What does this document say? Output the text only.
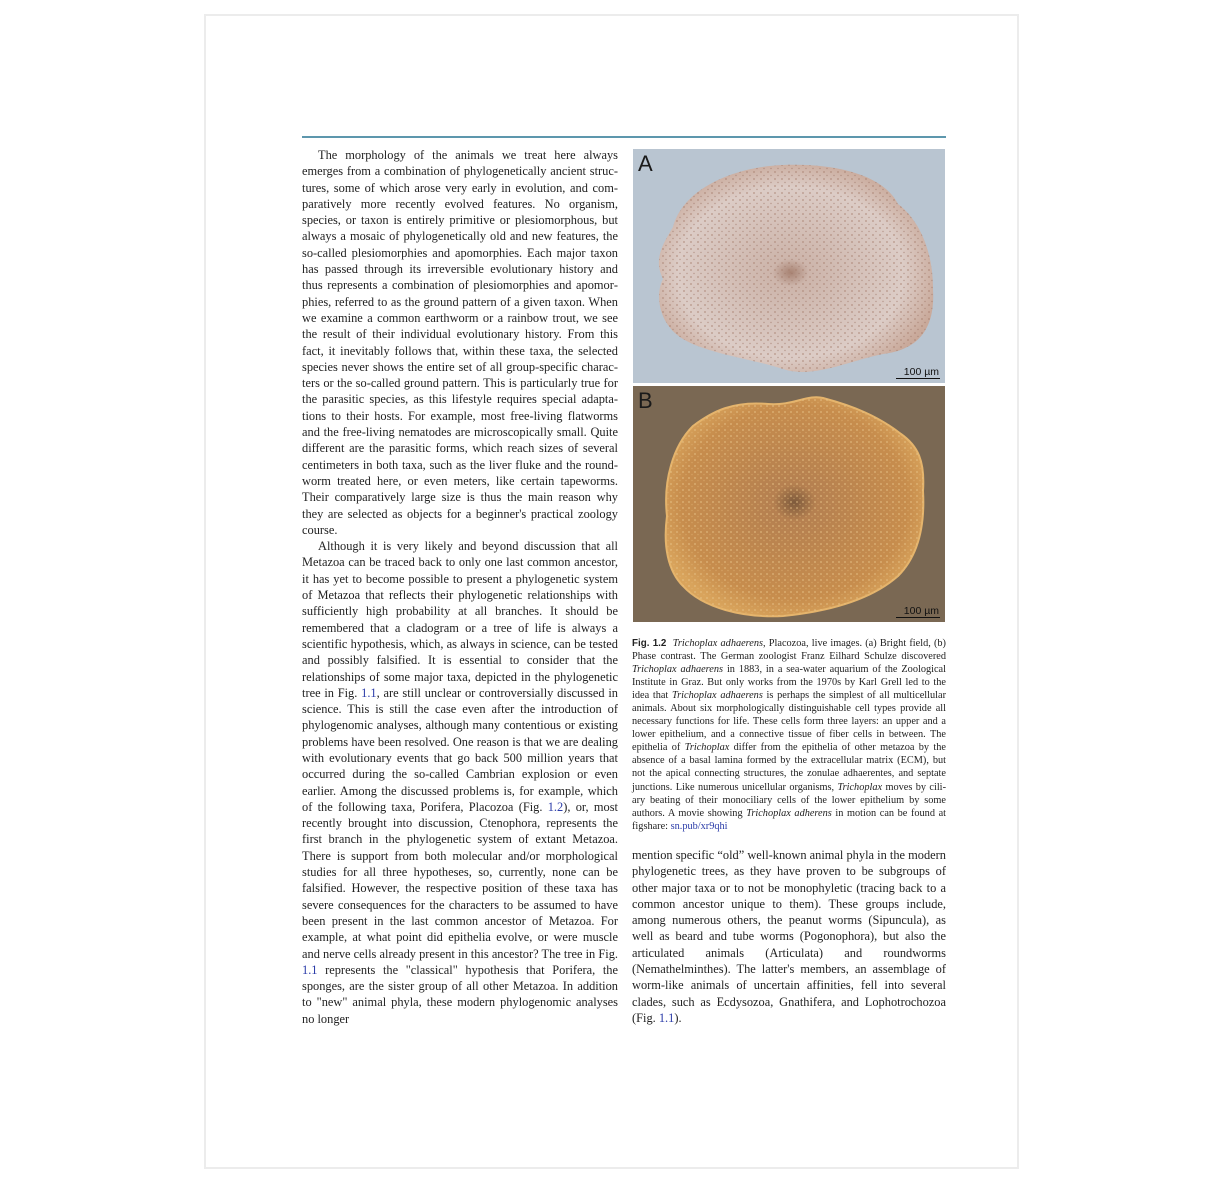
The morphology of the animals we treat here always emerges from a combination of phylogenetically ancient structures, some of which arose very early in evolution, and comparatively more recently evolved features. No organism, species, or taxon is entirely primitive or plesiomorphous, but always a mosaic of phylogenetically old and new features, the so-called plesiomorphies and apomorphies. Each major taxon has passed through its irreversible evolutionary history and thus represents a combination of plesiomorphies and apomorphies, referred to as the ground pattern of a given taxon. When we examine a common earthworm or a rainbow trout, we see the result of their individual evolutionary history. From this fact, it inevitably follows that, within these taxa, the selected species never shows the entire set of all group-specific characters or the so-called ground pattern. This is particularly true for the parasitic species, as this lifestyle requires special adaptations to their hosts. For example, most free-living flatworms and the free-living nematodes are microscopically small. Quite different are the parasitic forms, which reach sizes of several centimeters in both taxa, such as the liver fluke and the roundworm treated here, or even meters, like certain tapeworms. Their comparatively large size is thus the main reason why they are selected as objects for a beginner's practical zoology course.

Although it is very likely and beyond discussion that all Metazoa can be traced back to only one last common ancestor, it has yet to become possible to present a phylogenetic system of Metazoa that reflects their phylogenetic relationships with sufficiently high probability at all branches. It should be remembered that a cladogram or a tree of life is always a scientific hypothesis, which, as always in science, can be tested and possibly falsified. It is essential to consider that the relationships of some major taxa, depicted in the phylogenetic tree in Fig. 1.1, are still unclear or controversially discussed in science. This is still the case even after the introduction of phylogenomic analyses, although many contentious or existing problems have been resolved. One reason is that we are dealing with evolutionary events that go back 500 million years that occurred during the so-called Cambrian explosion or even earlier. Among the discussed problems is, for example, which of the following taxa, Porifera, Placozoa (Fig. 1.2), or, most recently brought into discussion, Ctenophora, represents the first branch in the phylogenetic system of extant Metazoa. There is support from both molecular and/or morphological studies for all three hypotheses, so, currently, none can be falsified. However, the respective position of these taxa has severe consequences for the characters to be assumed to have been present in the last common ancestor of Metazoa. For example, at what point did epithelia evolve, or were muscle and nerve cells already present in this ancestor? The tree in Fig. 1.1 represents the "classical" hypothesis that Porifera, the sponges, are the sister group of all other Metazoa. In addition to "new" animal phyla, these modern phylogenomic analyses no longer

A
100 µm
B
100 µm
Fig. 1.2 Trichoplax adhaerens, Placozoa, live images. (a) Bright field, (b) Phase contrast. The German zoologist Franz Eilhard Schulze discovered Trichoplax adhaerens in 1883, in a sea-water aquarium of the Zoological Institute in Graz. But only works from the 1970s by Karl Grell led to the idea that Trichoplax adhaerens is perhaps the simplest of all multicellular animals. About six morphologically distinguishable cell types provide all necessary functions for life. These cells form three layers: an upper and a lower epithelium, and a connective tissue of fiber cells in between. The epithelia of Trichoplax differ from the epithelia of other metazoa by the absence of a basal lamina formed by the extracellular matrix (ECM), but not the apical connecting structures, the zonulae adhaerentes, and septate junctions. Like numerous unicellular organisms, Trichoplax moves by ciliary beating of their monociliary cells of the lower epithelium by some authors. A movie showing Trichoplax adherens in motion can be found at figshare: sn.pub/xr9qhi

mention specific “old” well-known animal phyla in the modern phylogenetic trees, as they have proven to be subgroups of other major taxa or to not be monophyletic (tracing back to a common ancestor unique to them). These groups include, among numerous others, the peanut worms (Sipuncula), as well as beard and tube worms (Pogonophora), but also the articulated animals (Articulata) and roundworms (Nemathelminthes). The latter's members, an assemblage of worm-like animals of uncertain affinities, fell into several clades, such as Ecdysozoa, Gnathifera, and Lophotrochozoa (Fig. 1.1).
